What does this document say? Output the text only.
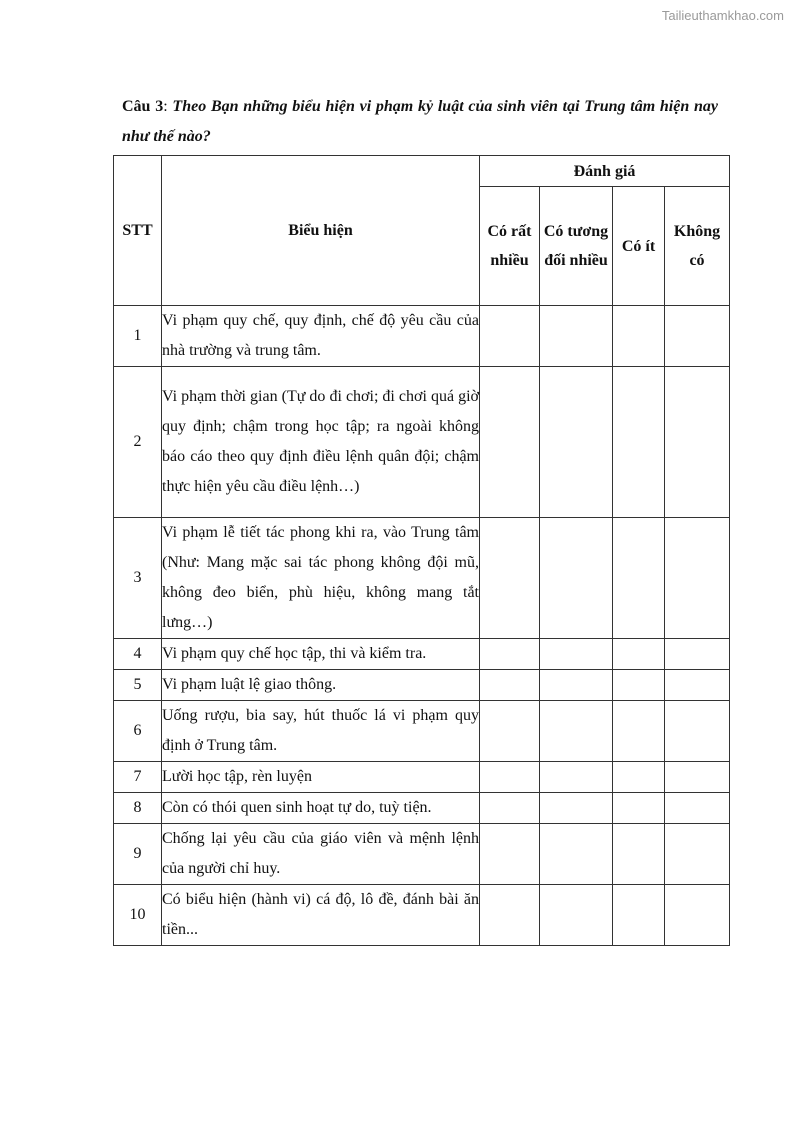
Tailieuthamkhao.com
Câu 3: Theo Bạn những biểu hiện vi phạm kỷ luật của sinh viên tại Trung tâm hiện nay như thế nào?
STT	Biểu hiện	Đánh giá			
		Có rất nhiều	Có tương đối nhiều	Có ít	Không có
1	Vi phạm quy chế, quy định, chế độ yêu cầu của nhà trường và trung tâm.				
2	Vi phạm thời gian (Tự do đi chơi; đi chơi quá giờ quy định; chậm trong học tập; ra ngoài không báo cáo theo quy định điều lệnh quân đội; chậm thực hiện yêu cầu điều lệnh…)				
3	Vi phạm lễ tiết tác phong khi ra, vào Trung tâm (Như: Mang mặc sai tác phong không đội mũ, không đeo biển, phù hiệu, không mang tắt lưng…)				
4	Vi phạm quy chế học tập, thi và kiểm tra.				
5	Vi phạm luật lệ giao thông.				
6	Uống rượu, bia say, hút thuốc lá vi phạm quy định ở Trung tâm.				
7	Lười học tập, rèn luyện				
8	Còn có thói quen sinh hoạt tự do, tuỳ tiện.				
9	Chống lại yêu cầu của giáo viên và mệnh lệnh của người chỉ huy.				
10	Có biểu hiện (hành vi) cá độ, lô đề, đánh bài ăn tiền...				
